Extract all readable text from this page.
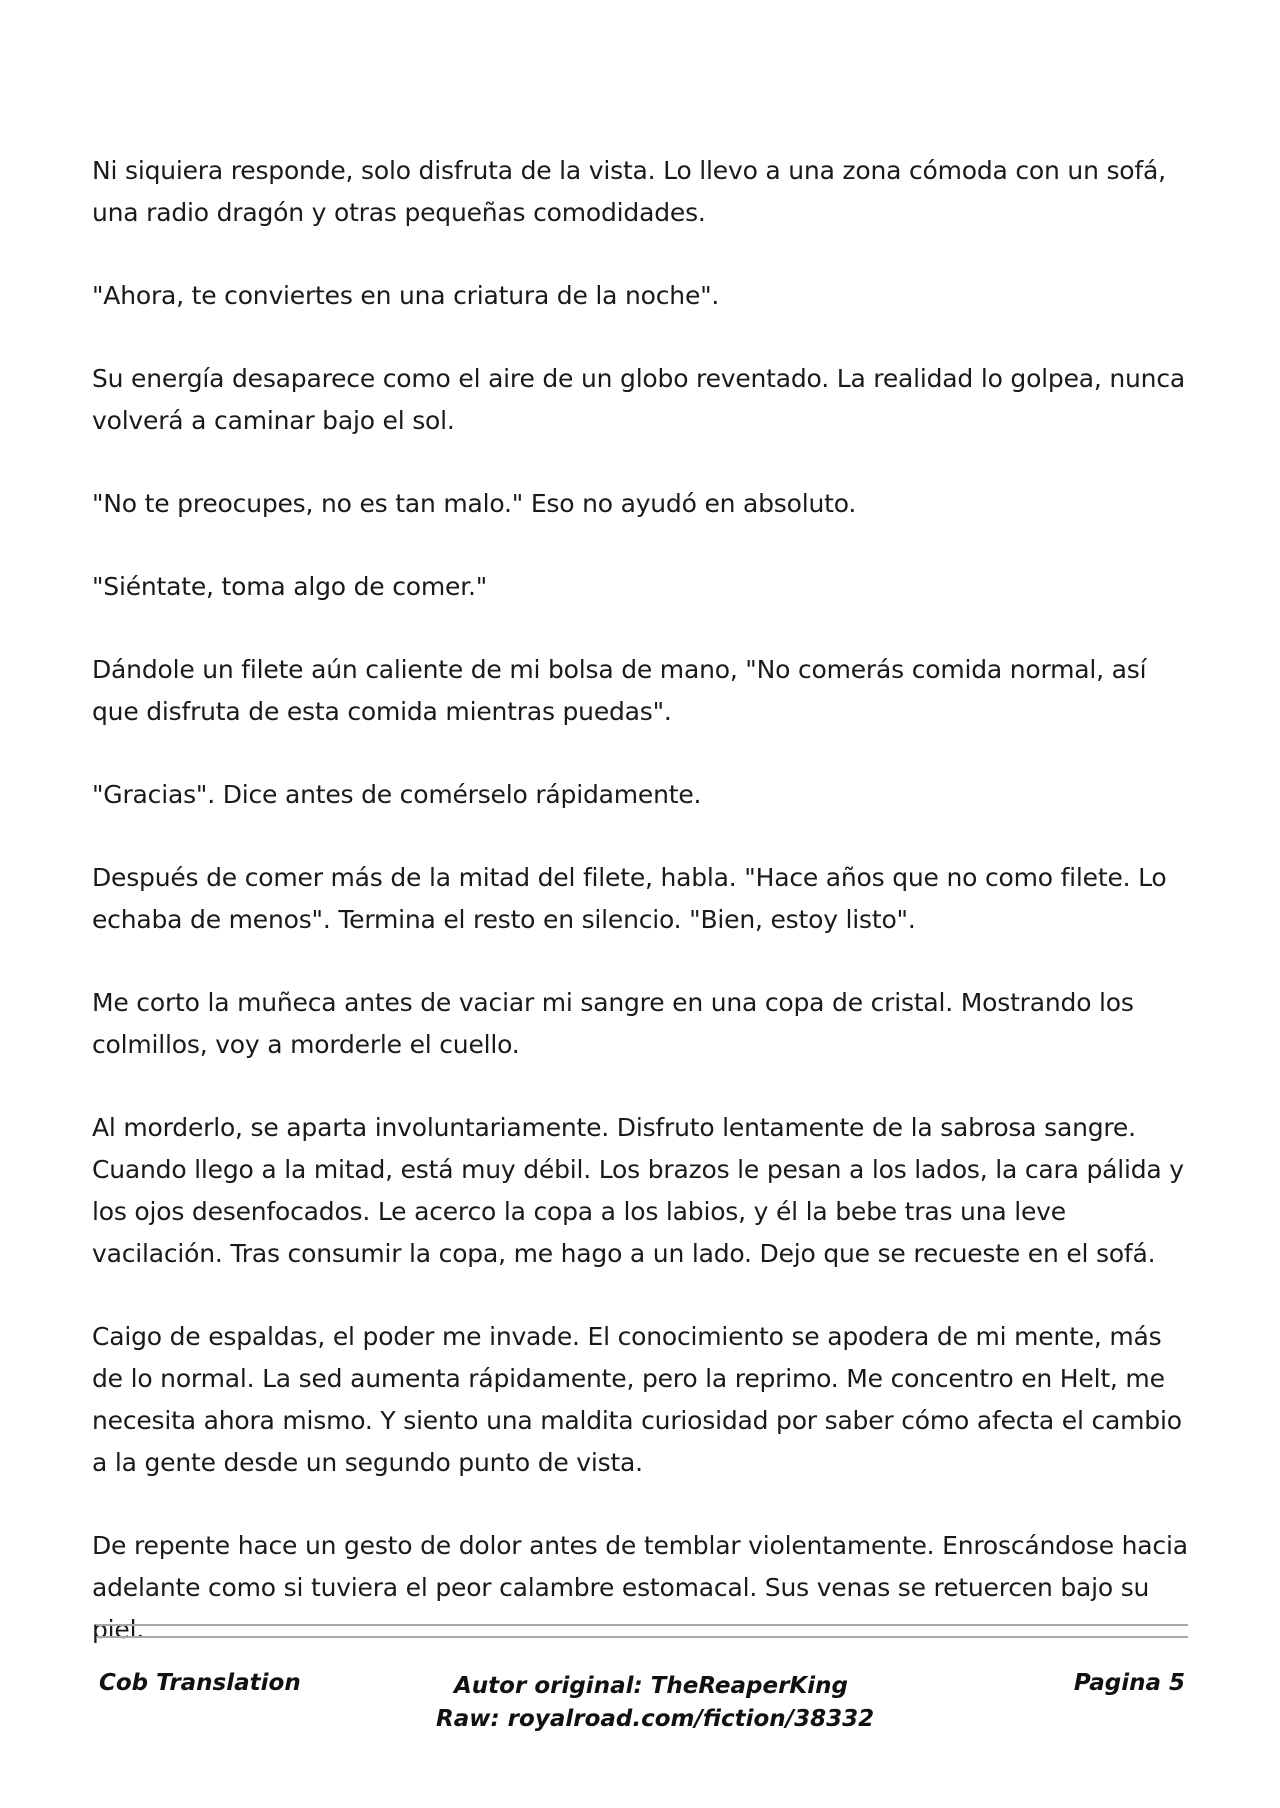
Ni siquiera responde, solo disfruta de la vista. Lo llevo a una zona cómoda con un sofá, una radio dragón y otras pequeñas comodidades.

"Ahora, te conviertes en una criatura de la noche".

Su energía desaparece como el aire de un globo reventado. La realidad lo golpea, nunca volverá a caminar bajo el sol.

"No te preocupes, no es tan malo." Eso no ayudó en absoluto.

"Siéntate, toma algo de comer."

Dándole un filete aún caliente de mi bolsa de mano, "No comerás comida normal, así que disfruta de esta comida mientras puedas".

"Gracias". Dice antes de comérselo rápidamente.

Después de comer más de la mitad del filete, habla. "Hace años que no como filete. Lo echaba de menos". Termina el resto en silencio. "Bien, estoy listo".

Me corto la muñeca antes de vaciar mi sangre en una copa de cristal. Mostrando los colmillos, voy a morderle el cuello.

Al morderlo, se aparta involuntariamente. Disfruto lentamente de la sabrosa sangre. Cuando llego a la mitad, está muy débil. Los brazos le pesan a los lados, la cara pálida y los ojos desenfocados. Le acerco la copa a los labios, y él la bebe tras una leve vacilación. Tras consumir la copa, me hago a un lado. Dejo que se recueste en el sofá.

Caigo de espaldas, el poder me invade. El conocimiento se apodera de mi mente, más de lo normal. La sed aumenta rápidamente, pero la reprimo. Me concentro en Helt, me necesita ahora mismo. Y siento una maldita curiosidad por saber cómo afecta el cambio a la gente desde un segundo punto de vista.

De repente hace un gesto de dolor antes de temblar violentamente. Enroscándose hacia adelante como si tuviera el peor calambre estomacal. Sus venas se retuercen bajo su piel.

Cob Translation	Autor original: TheReaperKing
Raw: royalroad.com/fiction/38332
Pagina 5
